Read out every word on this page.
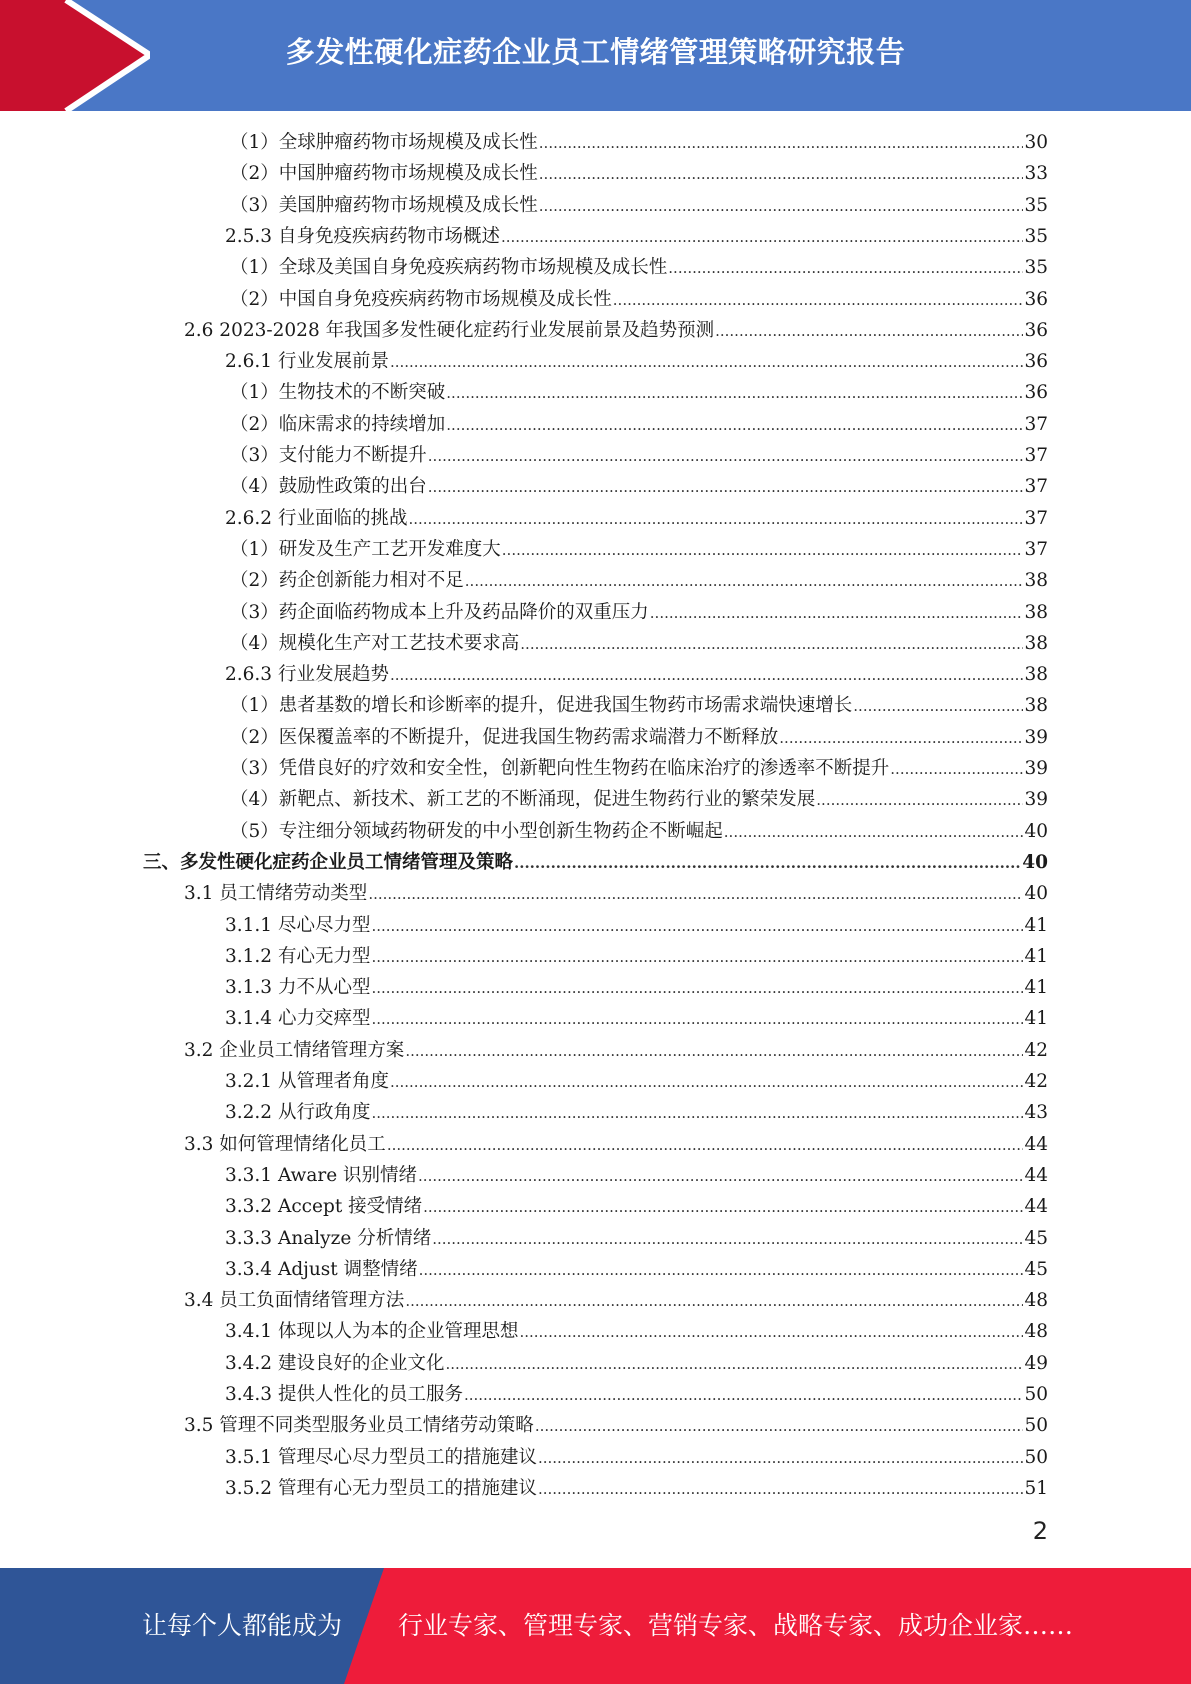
多发性硬化症药企业员工情绪管理策略研究报告
（1）全球肿瘤药物市场规模及成长性 .....	30
（2）中国肿瘤药物市场规模及成长性 .....	33
（3）美国肿瘤药物市场规模及成长性 .....	35
2.5.3 自身免疫疾病药物市场概述 .....	35
（1）全球及美国自身免疫疾病药物市场规模及成长性 .....	35
（2）中国自身免疫疾病药物市场规模及成长性 .....	36
2.6 2023-2028 年我国多发性硬化症药行业发展前景及趋势预测 .....	36
2.6.1 行业发展前景 .....	36
（1）生物技术的不断突破 .....	36
（2）临床需求的持续增加 .....	37
（3）支付能力不断提升 .....	37
（4）鼓励性政策的出台 .....	37
2.6.2 行业面临的挑战 .....	37
（1）研发及生产工艺开发难度大 .....	37
（2）药企创新能力相对不足 .....	38
（3）药企面临药物成本上升及药品降价的双重压力 .....	38
（4）规模化生产对工艺技术要求高 .....	38
2.6.3 行业发展趋势 .....	38
（1）患者基数的增长和诊断率的提升，促进我国生物药市场需求端快速增长 .....	38
（2）医保覆盖率的不断提升，促进我国生物药需求端潜力不断释放 .....	39
（3）凭借良好的疗效和安全性，创新靶向性生物药在临床治疗的渗透率不断提升 .....	39
（4）新靶点、新技术、新工艺的不断涌现，促进生物药行业的繁荣发展 .....	39
（5）专注细分领域药物研发的中小型创新生物药企不断崛起 .....	40
三、多发性硬化症药企业员工情绪管理及策略 .....	40
3.1 员工情绪劳动类型 .....	40
3.1.1 尽心尽力型 .....	41
3.1.2 有心无力型 .....	41
3.1.3 力不从心型 .....	41
3.1.4 心力交瘁型 .....	41
3.2 企业员工情绪管理方案 .....	42
3.2.1 从管理者角度 .....	42
3.2.2 从行政角度 .....	43
3.3 如何管理情绪化员工 .....	44
3.3.1 Aware 识别情绪 .....	44
3.3.2 Accept 接受情绪 .....	44
3.3.3 Analyze 分析情绪 .....	45
3.3.4 Adjust 调整情绪 .....	45
3.4 员工负面情绪管理方法 .....	48
3.4.1 体现以人为本的企业管理思想 .....	48
3.4.2 建设良好的企业文化 .....	49
3.4.3 提供人性化的员工服务 .....	50
3.5 管理不同类型服务业员工情绪劳动策略 .....	50
3.5.1 管理尽心尽力型员工的措施建议 .....	50
3.5.2 管理有心无力型员工的措施建议 .....	51
2
让每个人都能成为 行业专家、管理专家、营销专家、战略专家、成功企业家……
